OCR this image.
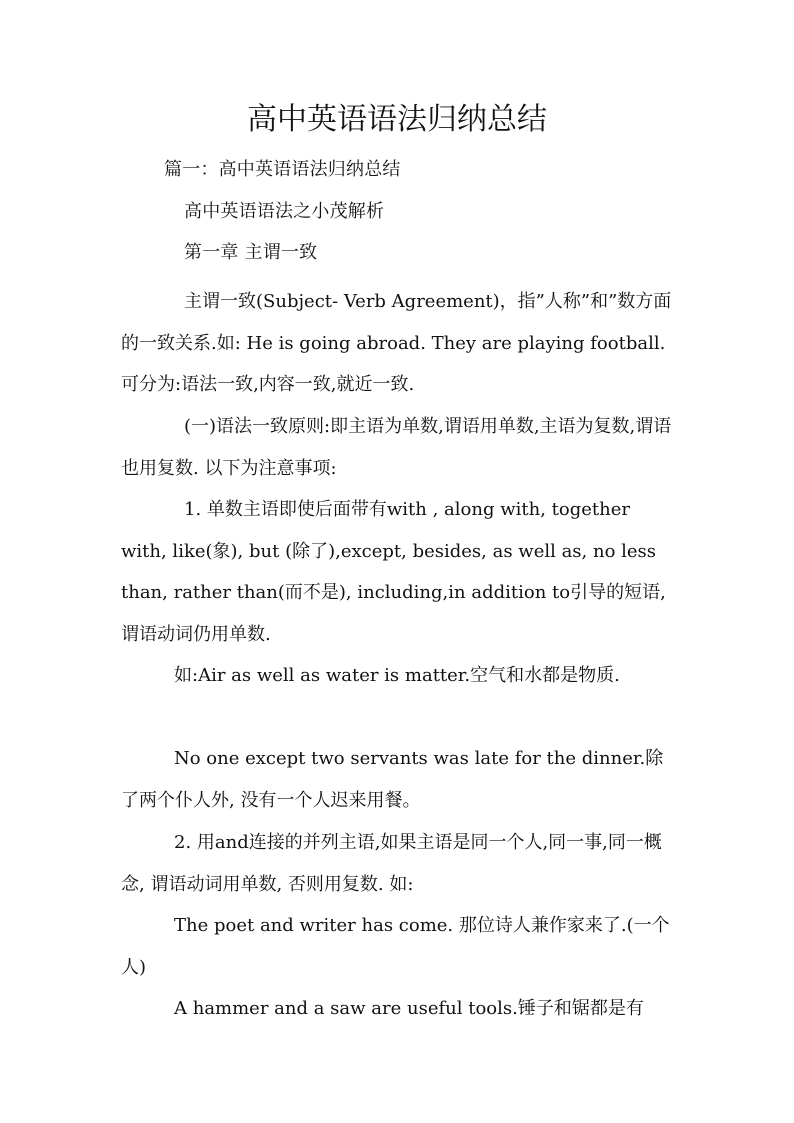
高中英语语法归纳总结
篇一：高中英语语法归纳总结
高中英语语法之小茂解析
第一章 主谓一致

主谓一致(Subject- Verb Agreement)，指”人称”和”数方面的一致关系.如: He is going abroad. They are playing football.可分为:语法一致,内容一致,就近一致.

(一)语法一致原则:即主语为单数,谓语用单数,主语为复数,谓语也用复数. 以下为注意事项:

1. 单数主语即使后面带有with , along with, together with, like(象), but (除了),except, besides, as well as, no less than, rather than(而不是), including,in addition to引导的短语,谓语动词仍用单数.

如:Air as well as water is matter.空气和水都是物质.

No one except two servants was late for the dinner.除了两个仆人外, 没有一个人迟来用餐。

2. 用and连接的并列主语,如果主语是同一个人,同一事,同一概念, 谓语动词用单数, 否则用复数. 如:

The poet and writer has come. 那位诗人兼作家来了.(一个人)

A hammer and a saw are useful tools.锤子和锯都是有
